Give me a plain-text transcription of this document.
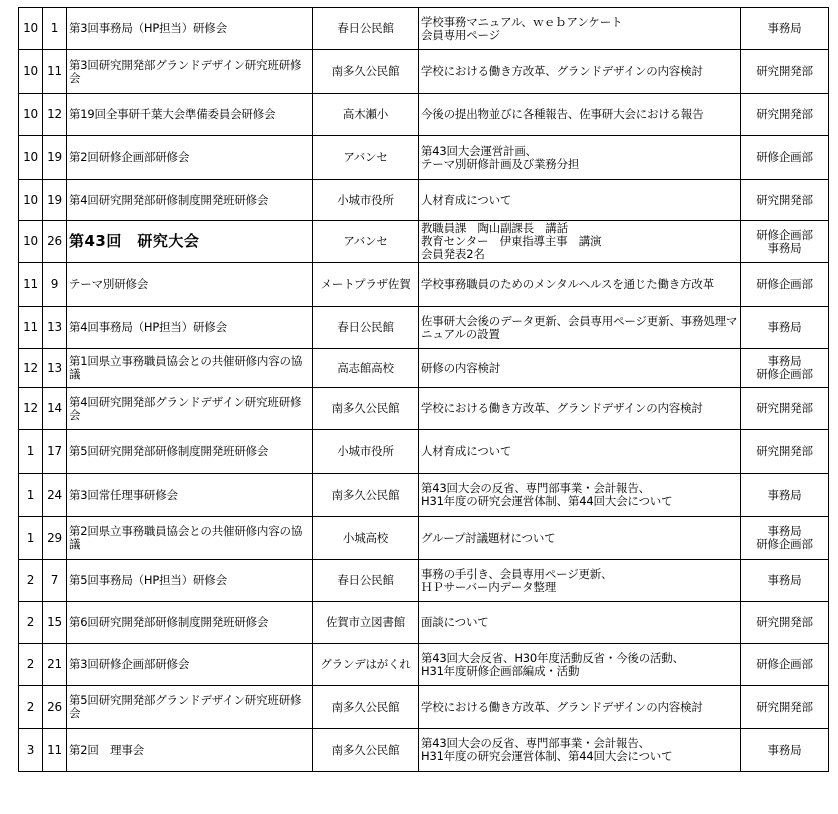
10	1	第3回事務局（HP担当）研修会	春日公民館	学校事務マニュアル、ｗｅｂアンケート
会員専用ページ	事務局
10	11	第3回研究開発部グランドデザイン研究班研修会	南多久公民館	学校における働き方改革、グランドデザインの内容検討	研究開発部
10	12	第19回全事研千葉大会準備委員会研修会	高木瀬小	今後の提出物並びに各種報告、佐事研大会における報告	研究開発部
10	19	第2回研修企画部研修会	アバンセ	第43回大会運営計画、
テーマ別研修計画及び業務分担	研修企画部
10	19	第4回研究開発部研修制度開発班研修会	小城市役所	人材育成について	研究開発部
10	26	第43回　研究大会	アバンセ	教職員課　陶山副課長　講話
教育センター　伊東指導主事　講演
会員発表2名	研修企画部
事務局
11	9	テーマ別研修会	メートプラザ佐賀	学校事務職員のためのメンタルヘルスを通じた働き方改革	研修企画部
11	13	第4回事務局（HP担当）研修会	春日公民館	佐事研大会後のデータ更新、会員専用ページ更新、事務処理マニュアルの設置	事務局
12	13	第1回県立事務職員協会との共催研修内容の協議	高志館高校	研修の内容検討	事務局
研修企画部
12	14	第4回研究開発部グランドデザイン研究班研修会	南多久公民館	学校における働き方改革、グランドデザインの内容検討	研究開発部
1	17	第5回研究開発部研修制度開発班研修会	小城市役所	人材育成について	研究開発部
1	24	第3回常任理事研修会	南多久公民館	第43回大会の反省、専門部事業・会計報告、
H31年度の研究会運営体制、第44回大会について	事務局
1	29	第2回県立事務職員協会との共催研修内容の協議	小城高校	グループ討議題材について	事務局
研修企画部
2	7	第5回事務局（HP担当）研修会	春日公民館	事務の手引き、会員専用ページ更新、
ＨＰサーバー内データ整理	事務局
2	15	第6回研究開発部研修制度開発班研修会	佐賀市立図書館	面談について	研究開発部
2	21	第3回研修企画部研修会	グランデはがくれ	第43回大会反省、H30年度活動反省・今後の活動、
H31年度研修企画部編成・活動	研修企画部
2	26	第5回研究開発部グランドデザイン研究班研修会	南多久公民館	学校における働き方改革、グランドデザインの内容検討	研究開発部
3	11	第2回　理事会	南多久公民館	第43回大会の反省、専門部事業・会計報告、
H31年度の研究会運営体制、第44回大会について	事務局
